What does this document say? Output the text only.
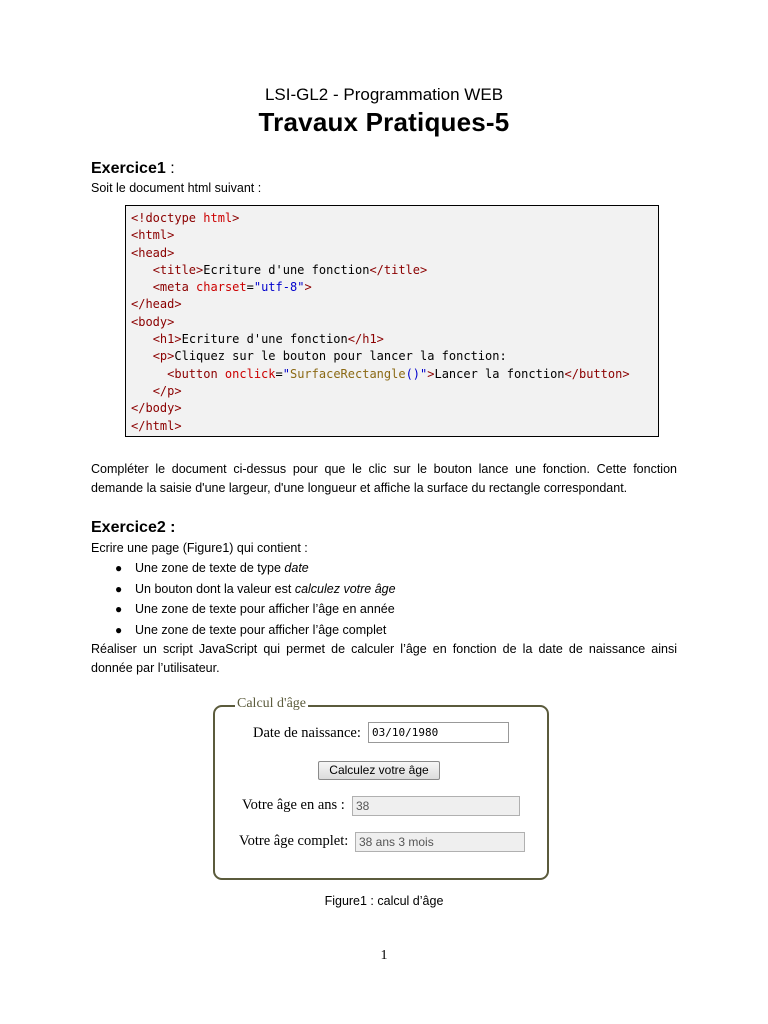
LSI-GL2 - Programmation WEB
Travaux Pratiques-5
Exercice1 :
Soit le document html suivant :
<!doctype html>
<html>
<head>
<title>Ecriture d'une fonction</title>
<meta charset="utf-8">
</head>
<body>
<h1>Ecriture d'une fonction</h1>
<p>Cliquez sur le bouton pour lancer la fonction:
<button onclick="SurfaceRectangle()">Lancer la fonction</button>
</p>
</body>
</html>
Compléter le document ci-dessus pour que le clic sur le bouton lance une fonction. Cette fonction demande la saisie d'une largeur, d'une longueur et affiche la surface du rectangle correspondant.
Exercice2 :
Ecrire une page (Figure1) qui contient :
● Une zone de texte de type date
● Un bouton dont la valeur est calculez votre âge
● Une zone de texte pour afficher l’âge en année
● Une zone de texte pour afficher l’âge complet
Réaliser un script JavaScript qui permet de calculer l’âge en fonction de la date de naissance ainsi donnée par l’utilisateur.
Calcul d'âge
Date de naissance:	03/10/1980
Calculez votre âge
Votre âge en ans : 38
Votre âge complet: 38 ans 3 mois
Figure1 : calcul d’âge
1
